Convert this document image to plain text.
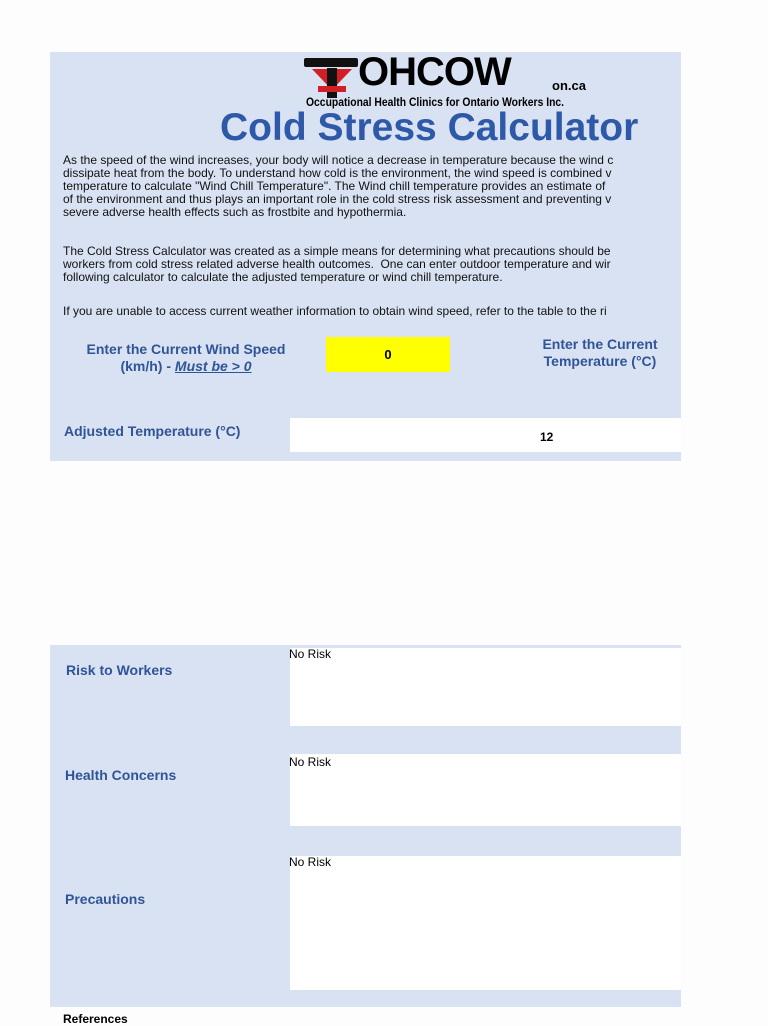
OHCOW	on.ca
Occupational Health Clinics for Ontario Workers Inc.
Cold Stress Calculator
As the speed of the wind increases, your body will notice a decrease in temperature because the wind c
dissipate heat from the body. To understand how cold is the environment, the wind speed is combined v
temperature to calculate "Wind Chill Temperature". The Wind chill temperature provides an estimate of
of the environment and thus plays an important role in the cold stress risk assessment and preventing v
severe adverse health effects such as frostbite and hypothermia.
The Cold Stress Calculator was created as a simple means for determining what precautions should be
workers from cold stress related adverse health outcomes.  One can enter outdoor temperature and wir
following calculator to calculate the adjusted temperature or wind chill temperature.
If you are unable to access current weather information to obtain wind speed, refer to the table to the ri
Enter the Current Wind Speed
(km/h) - Must be > 0
0
Enter the Current
Temperature (°C)
Adjusted Temperature (°C)	12
Risk to Workers
No Risk
Health Concerns
No Risk
Precautions
No Risk
References
